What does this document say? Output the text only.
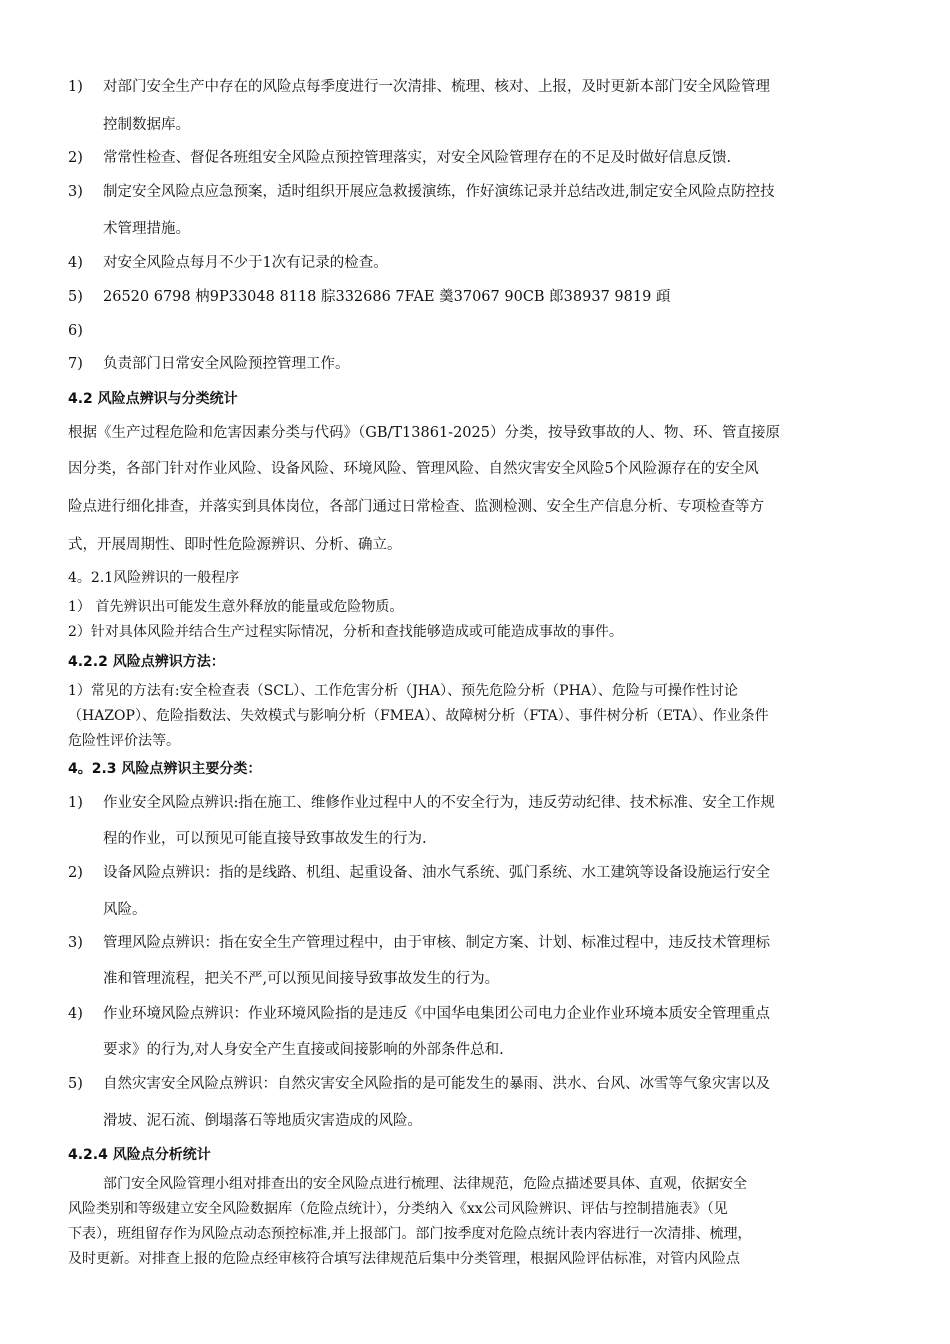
1) 对部门安全生产中存在的风险点每季度进行一次清排、梳理、核对、上报，及时更新本部门安全风险管理
控制数据库。
2) 常常性检查、督促各班组安全风险点预控管理落实，对安全风险管理存在的不足及时做好信息反馈.
3) 制定安全风险点应急预案，适时组织开展应急救援演练，作好演练记录并总结改进,制定安全风险点防控技
术管理措施。
4) 对安全风险点每月不少于1次有记录的检查。
5) 26520 6798 枘9P33048 8118 腙332686 7FAE 羹37067 90CB 郎38937 9819 頙
6)
7) 负责部门日常安全风险预控管理工作。
4.2 风险点辨识与分类统计
根据《生产过程危险和危害因素分类与代码》（GB/T13861-2025）分类，按导致事故的人、物、环、管直接原
因分类，各部门针对作业风险、设备风险、环境风险、管理风险、自然灾害安全风险5个风险源存在的安全风
险点进行细化排查，并落实到具体岗位，各部门通过日常检查、监测检测、安全生产信息分析、专项检查等方
式，开展周期性、即时性危险源辨识、分析、确立。
4。2.1风险辨识的一般程序
1） 首先辨识出可能发生意外释放的能量或危险物质。
2）针对具体风险并结合生产过程实际情况，分析和查找能够造成或可能造成事故的事件。
4.2.2 风险点辨识方法：
1）常见的方法有:安全检查表（SCL）、工作危害分析（JHA）、预先危险分析（PHA）、危险与可操作性讨论
（HAZOP）、危险指数法、失效模式与影响分析（FMEA）、故障树分析（FTA）、事件树分析（ETA）、作业条件
危险性评价法等。
4。2.3 风险点辨识主要分类：
1) 作业安全风险点辨识:指在施工、维修作业过程中人的不安全行为，违反劳动纪律、技术标准、安全工作规
程的作业，可以预见可能直接导致事故发生的行为.
2) 设备风险点辨识：指的是线路、机组、起重设备、油水气系统、弧门系统、水工建筑等设备设施运行安全
风险。
3) 管理风险点辨识：指在安全生产管理过程中，由于审核、制定方案、计划、标准过程中，违反技术管理标
准和管理流程，把关不严,可以预见间接导致事故发生的行为。
4) 作业环境风险点辨识：作业环境风险指的是违反《中国华电集团公司电力企业作业环境本质安全管理重点
要求》的行为,对人身安全产生直接或间接影响的外部条件总和.
5) 自然灾害安全风险点辨识：自然灾害安全风险指的是可能发生的暴雨、洪水、台风、冰雪等气象灾害以及
滑坡、泥石流、倒塌落石等地质灾害造成的风险。
4.2.4 风险点分析统计
部门安全风险管理小组对排查出的安全风险点进行梳理、法律规范，危险点描述要具体、直观，依据安全
风险类别和等级建立安全风险数据库（危险点统计），分类纳入《xx公司风险辨识、评估与控制措施表》（见
下表），班组留存作为风险点动态预控标准,并上报部门。部门按季度对危险点统计表内容进行一次清排、梳理，
及时更新。对排查上报的危险点经审核符合填写法律规范后集中分类管理，根据风险评估标准，对管内风险点
